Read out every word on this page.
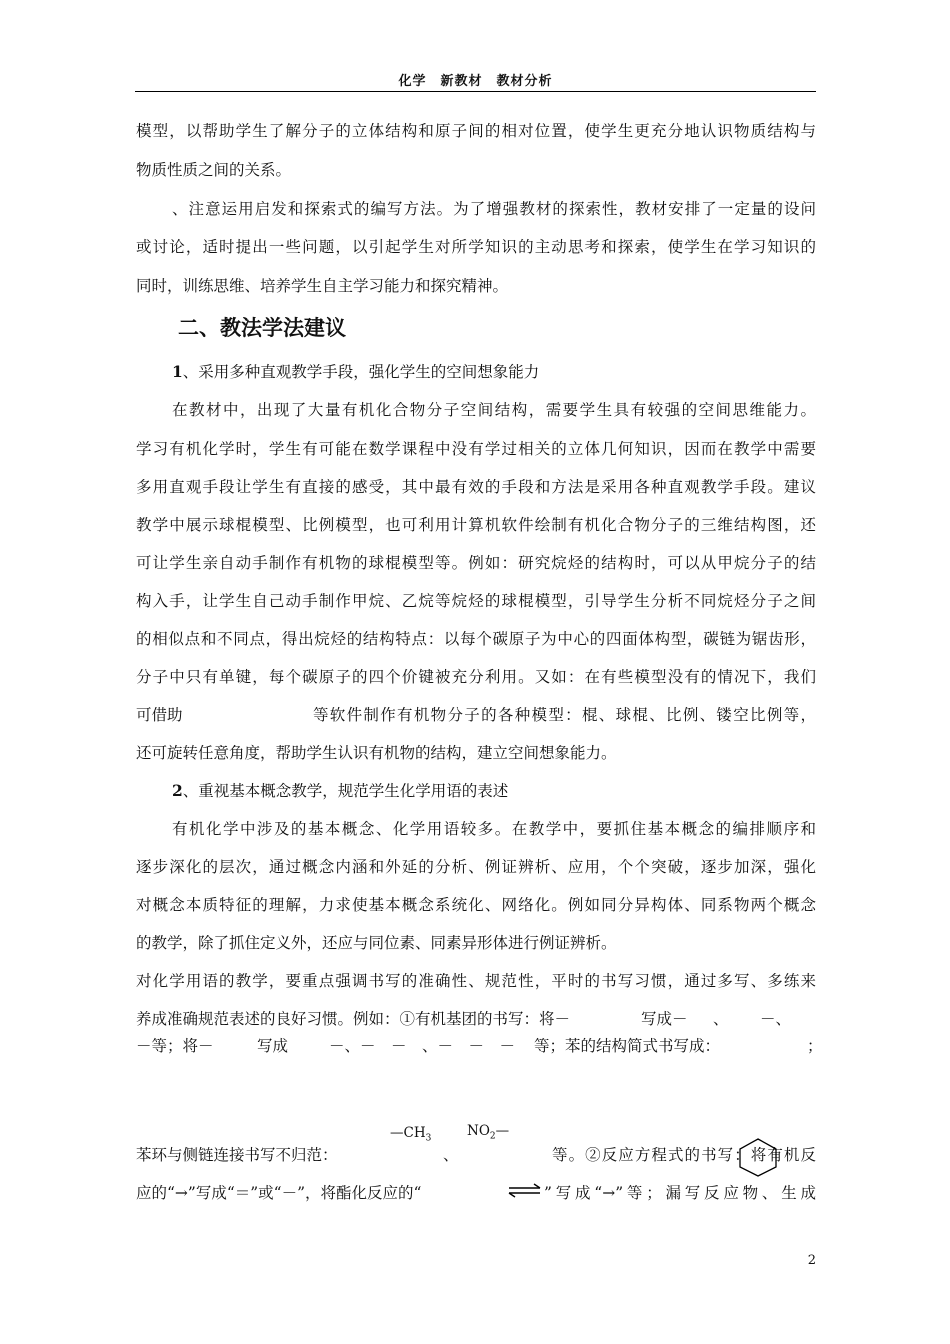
化学　新教材　教材分析
模型，以帮助学生了解分子的立体结构和原子间的相对位置，使学生更充分地认识物质结构与
物质性质之间的关系。
、注意运用启发和探索式的编写方法。为了增强教材的探索性，教材安排了一定量的设问
或讨论，适时提出一些问题，以引起学生对所学知识的主动思考和探索，使学生在学习知识的
同时，训练思维、培养学生自主学习能力和探究精神。
二、教法学法建议
1、采用多种直观教学手段，强化学生的空间想象能力
在教材中，出现了大量有机化合物分子空间结构，需要学生具有较强的空间思维能力。
学习有机化学时，学生有可能在数学课程中没有学过相关的立体几何知识，因而在教学中需要
多用直观手段让学生有直接的感受，其中最有效的手段和方法是采用各种直观教学手段。建议
教学中展示球棍模型、比例模型，也可利用计算机软件绘制有机化合物分子的三维结构图，还
可让学生亲自动手制作有机物的球棍模型等。例如：研究烷烃的结构时，可以从甲烷分子的结
构入手，让学生自己动手制作甲烷、乙烷等烷烃的球棍模型，引导学生分析不同烷烃分子之间
的相似点和不同点，得出烷烃的结构特点：以每个碳原子为中心的四面体构型，碳链为锯齿形，
分子中只有单键，每个碳原子的四个价键被充分利用。又如：在有些模型没有的情况下，我们
可借助	等软件制作有机物分子的各种模型：棍、球棍、比例、镂空比例等，
还可旋转任意角度，帮助学生认识有机物的结构，建立空间想象能力。
2、重视基本概念教学，规范学生化学用语的表述
有机化学中涉及的基本概念、化学用语较多。在教学中，要抓住基本概念的编排顺序和
逐步深化的层次，通过概念内涵和外延的分析、例证辨析、应用，个个突破，逐步加深，强化
对概念本质特征的理解，力求使基本概念系统化、网络化。例如同分异构体、同系物两个概念
的教学，除了抓住定义外，还应与同位素、同素异形体进行例证辨析。
对化学用语的教学，要重点强调书写的准确性、规范性，平时的书写习惯，通过多写、多练来
养成准确规范表述的良好习惯。例如：①有机基团的书写：将－	写成－ 、 －、
－等；将－	写成	－、－　－　、－　－　－ 等；苯的结构简式书写成：	；
$—CH_3$	$NO_2—$
苯环与侧链连接书写不归范：	、	等。②反应方程式的书写：将有机反
应的“→”写成“＝”或“－”，将酯化反应的“	⇌ ”写成“→”等；漏写反应物、生成
2
